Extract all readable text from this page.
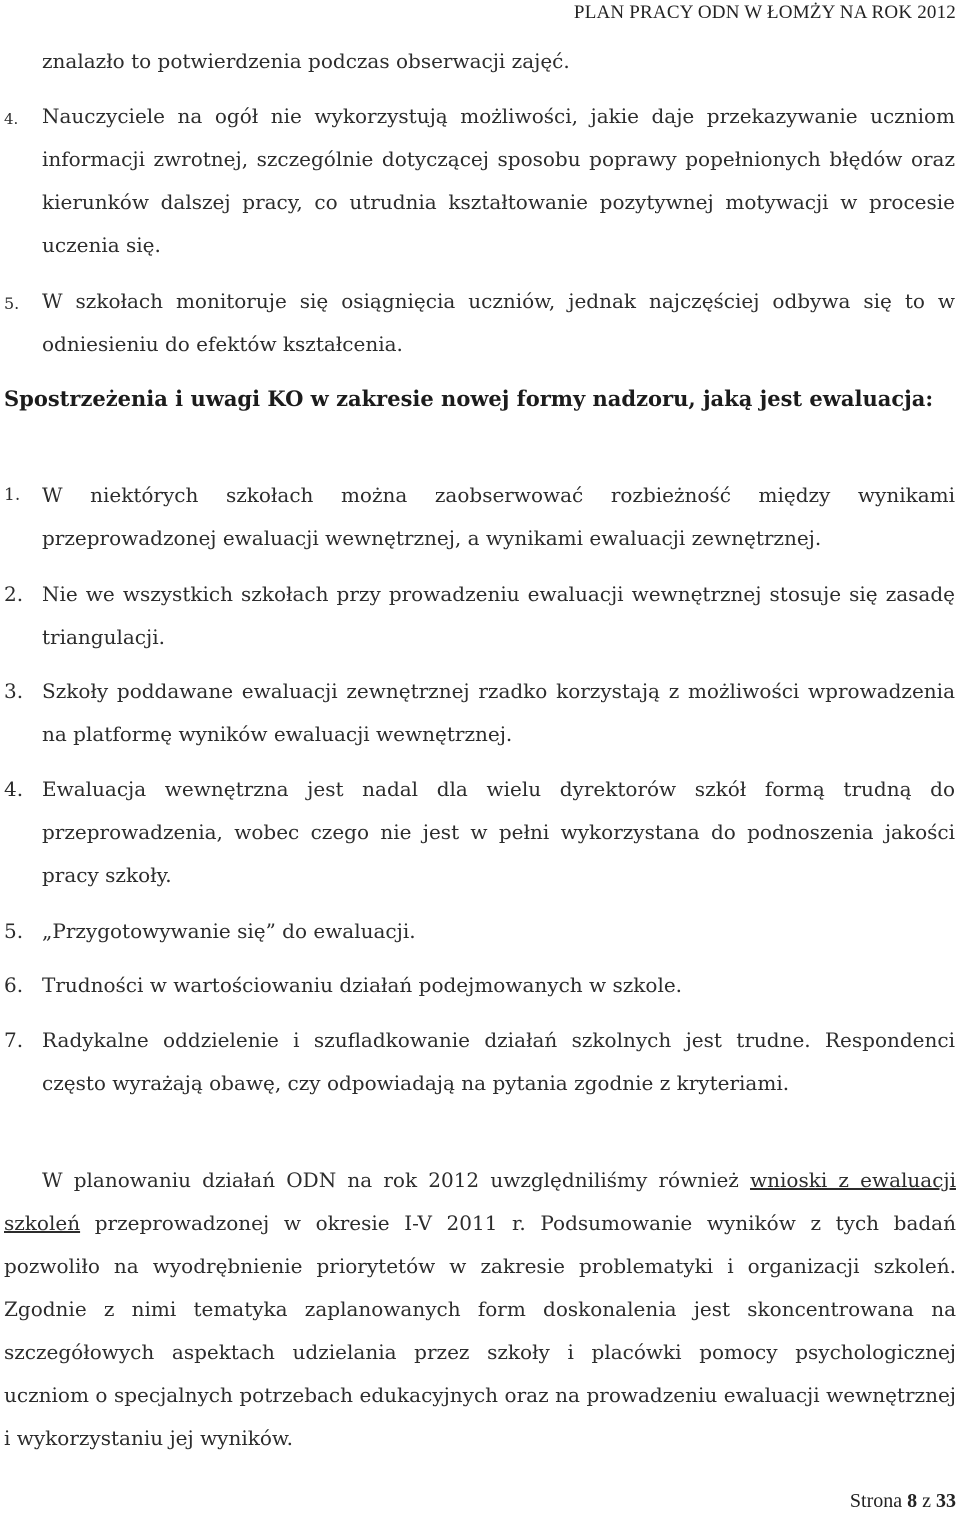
PLAN PRACY ODN W ŁOMŻY NA ROK 2012
znalazło to potwierdzenia podczas obserwacji zajęć.
4. Nauczyciele na ogół nie wykorzystują możliwości, jakie daje przekazywanie uczniom informacji zwrotnej, szczególnie dotyczącej sposobu poprawy popełnionych błędów oraz kierunków dalszej pracy, co utrudnia kształtowanie pozytywnej motywacji w procesie uczenia się.
5. W szkołach monitoruje się osiągnięcia uczniów, jednak najczęściej odbywa się to w odniesieniu do efektów kształcenia.
Spostrzeżenia i uwagi KO w zakresie nowej formy nadzoru, jaką jest ewaluacja:
1. W niektórych szkołach można zaobserwować rozbieżność między wynikami przeprowadzonej ewaluacji wewnętrznej, a wynikami ewaluacji zewnętrznej.
2. Nie we wszystkich szkołach przy prowadzeniu ewaluacji wewnętrznej stosuje się zasadę triangulacji.
3. Szkoły poddawane ewaluacji zewnętrznej rzadko korzystają z możliwości wprowadzenia na platformę wyników ewaluacji wewnętrznej.
4. Ewaluacja wewnętrzna jest nadal dla wielu dyrektorów szkół formą trudną do przeprowadzenia, wobec czego nie jest w pełni wykorzystana do podnoszenia jakości pracy szkoły.
5. „Przygotowywanie się” do ewaluacji.
6. Trudności w wartościowaniu działań podejmowanych w szkole.
7. Radykalne oddzielenie i szufladkowanie działań szkolnych jest trudne. Respondenci często wyrażają obawę, czy odpowiadają na pytania zgodnie z kryteriami.
W planowaniu działań ODN na rok 2012 uwzględniliśmy również wnioski z ewaluacji szkoleń przeprowadzonej w okresie I-V 2011 r. Podsumowanie wyników z tych badań pozwoliło na wyodrębnienie priorytetów w zakresie problematyki i organizacji szkoleń. Zgodnie z nimi tematyka zaplanowanych form doskonalenia jest skoncentrowana na szczegółowych aspektach udzielania przez szkoły i placówki pomocy psychologicznej uczniom o specjalnych potrzebach edukacyjnych oraz na prowadzeniu ewaluacji wewnętrznej i wykorzystaniu jej wyników.
Strona 8 z 33
